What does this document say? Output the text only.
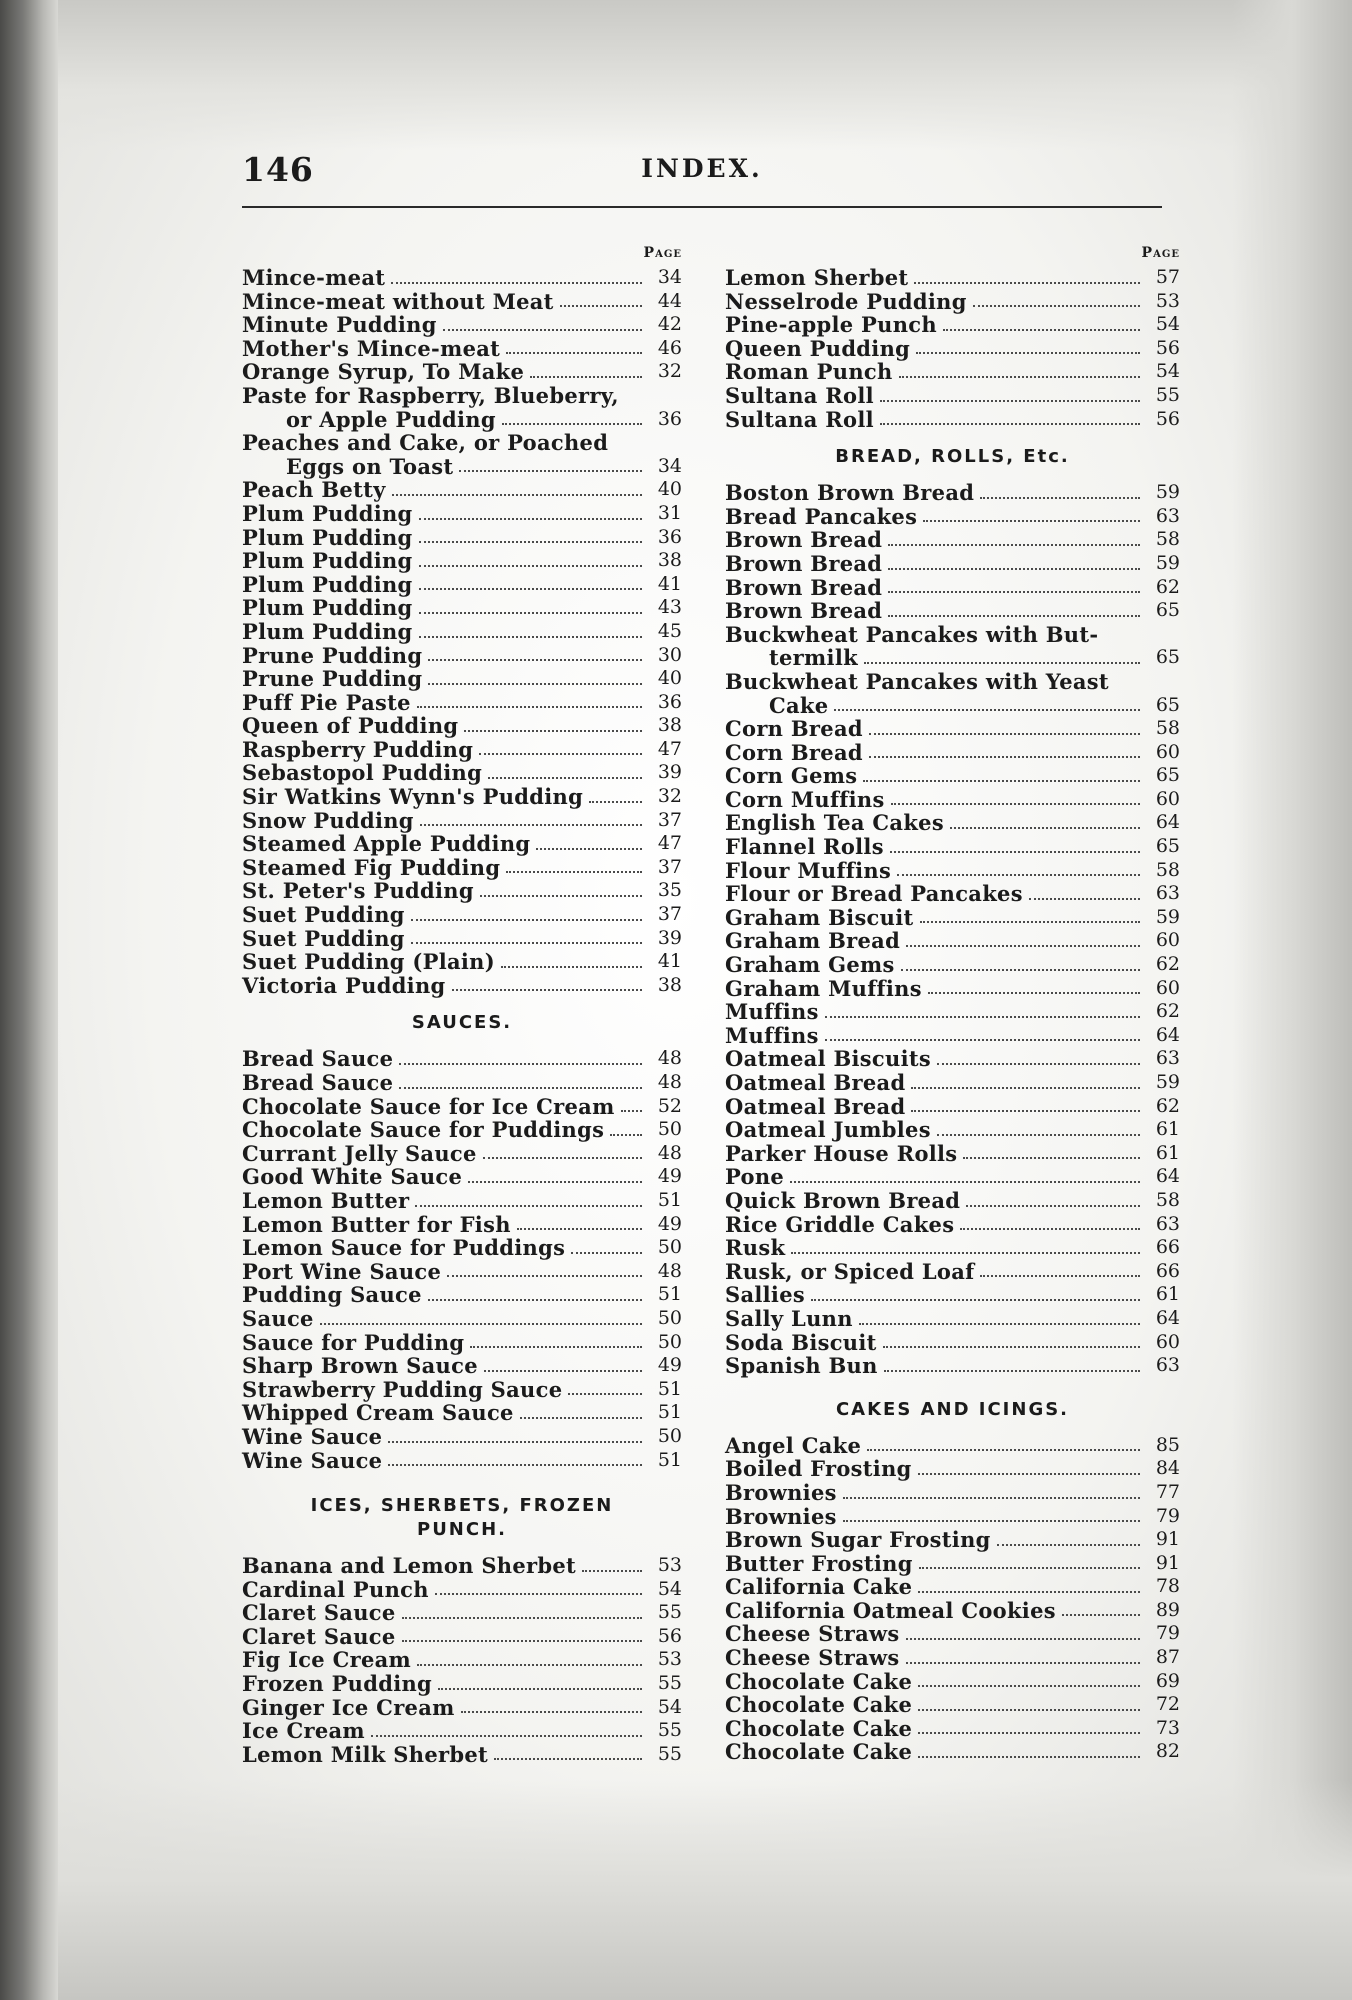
146	INDEX.
Page
Mince-meat	34
Mince-meat without Meat	44
Minute Pudding	42
Mother's Mince-meat	46
Orange Syrup, To Make	32
Paste for Raspberry, Blueberry,
or Apple Pudding	36
Peaches and Cake, or Poached
Eggs on Toast	34
Peach Betty	40
Plum Pudding	31
Plum Pudding	36
Plum Pudding	38
Plum Pudding	41
Plum Pudding	43
Plum Pudding	45
Prune Pudding	30
Prune Pudding	40
Puff Pie Paste	36
Queen of Pudding	38
Raspberry Pudding	47
Sebastopol Pudding	39
Sir Watkins Wynn's Pudding	32
Snow Pudding	37
Steamed Apple Pudding	47
Steamed Fig Pudding	37
St. Peter's Pudding	35
Suet Pudding	37
Suet Pudding	39
Suet Pudding (Plain)	41
Victoria Pudding	38
SAUCES.
Bread Sauce	48
Bread Sauce	48
Chocolate Sauce for Ice Cream	52
Chocolate Sauce for Puddings	50
Currant Jelly Sauce	48
Good White Sauce	49
Lemon Butter	51
Lemon Butter for Fish	49
Lemon Sauce for Puddings	50
Port Wine Sauce	48
Pudding Sauce	51
Sauce	50
Sauce for Pudding	50
Sharp Brown Sauce	49
Strawberry Pudding Sauce	51
Whipped Cream Sauce	51
Wine Sauce	50
Wine Sauce	51
ICES, SHERBETS, FROZEN
PUNCH.
Banana and Lemon Sherbet	53
Cardinal Punch	54
Claret Sauce	55
Claret Sauce	56
Fig Ice Cream	53
Frozen Pudding	55
Ginger Ice Cream	54
Ice Cream	55
Lemon Milk Sherbet	55
Page
Lemon Sherbet	57
Nesselrode Pudding	53
Pine-apple Punch	54
Queen Pudding	56
Roman Punch	54
Sultana Roll	55
Sultana Roll	56
BREAD, ROLLS, Etc.
Boston Brown Bread	59
Bread Pancakes	63
Brown Bread	58
Brown Bread	59
Brown Bread	62
Brown Bread	65
Buckwheat Pancakes with But-
termilk	65
Buckwheat Pancakes with Yeast
Cake	65
Corn Bread	58
Corn Bread	60
Corn Gems	65
Corn Muffins	60
English Tea Cakes	64
Flannel Rolls	65
Flour Muffins	58
Flour or Bread Pancakes	63
Graham Biscuit	59
Graham Bread	60
Graham Gems	62
Graham Muffins	60
Muffins	62
Muffins	64
Oatmeal Biscuits	63
Oatmeal Bread	59
Oatmeal Bread	62
Oatmeal Jumbles	61
Parker House Rolls	61
Pone	64
Quick Brown Bread	58
Rice Griddle Cakes	63
Rusk	66
Rusk, or Spiced Loaf	66
Sallies	61
Sally Lunn	64
Soda Biscuit	60
Spanish Bun	63
CAKES AND ICINGS.
Angel Cake	85
Boiled Frosting	84
Brownies	77
Brownies	79
Brown Sugar Frosting	91
Butter Frosting	91
California Cake	78
California Oatmeal Cookies	89
Cheese Straws	79
Cheese Straws	87
Chocolate Cake	69
Chocolate Cake	72
Chocolate Cake	73
Chocolate Cake	82
